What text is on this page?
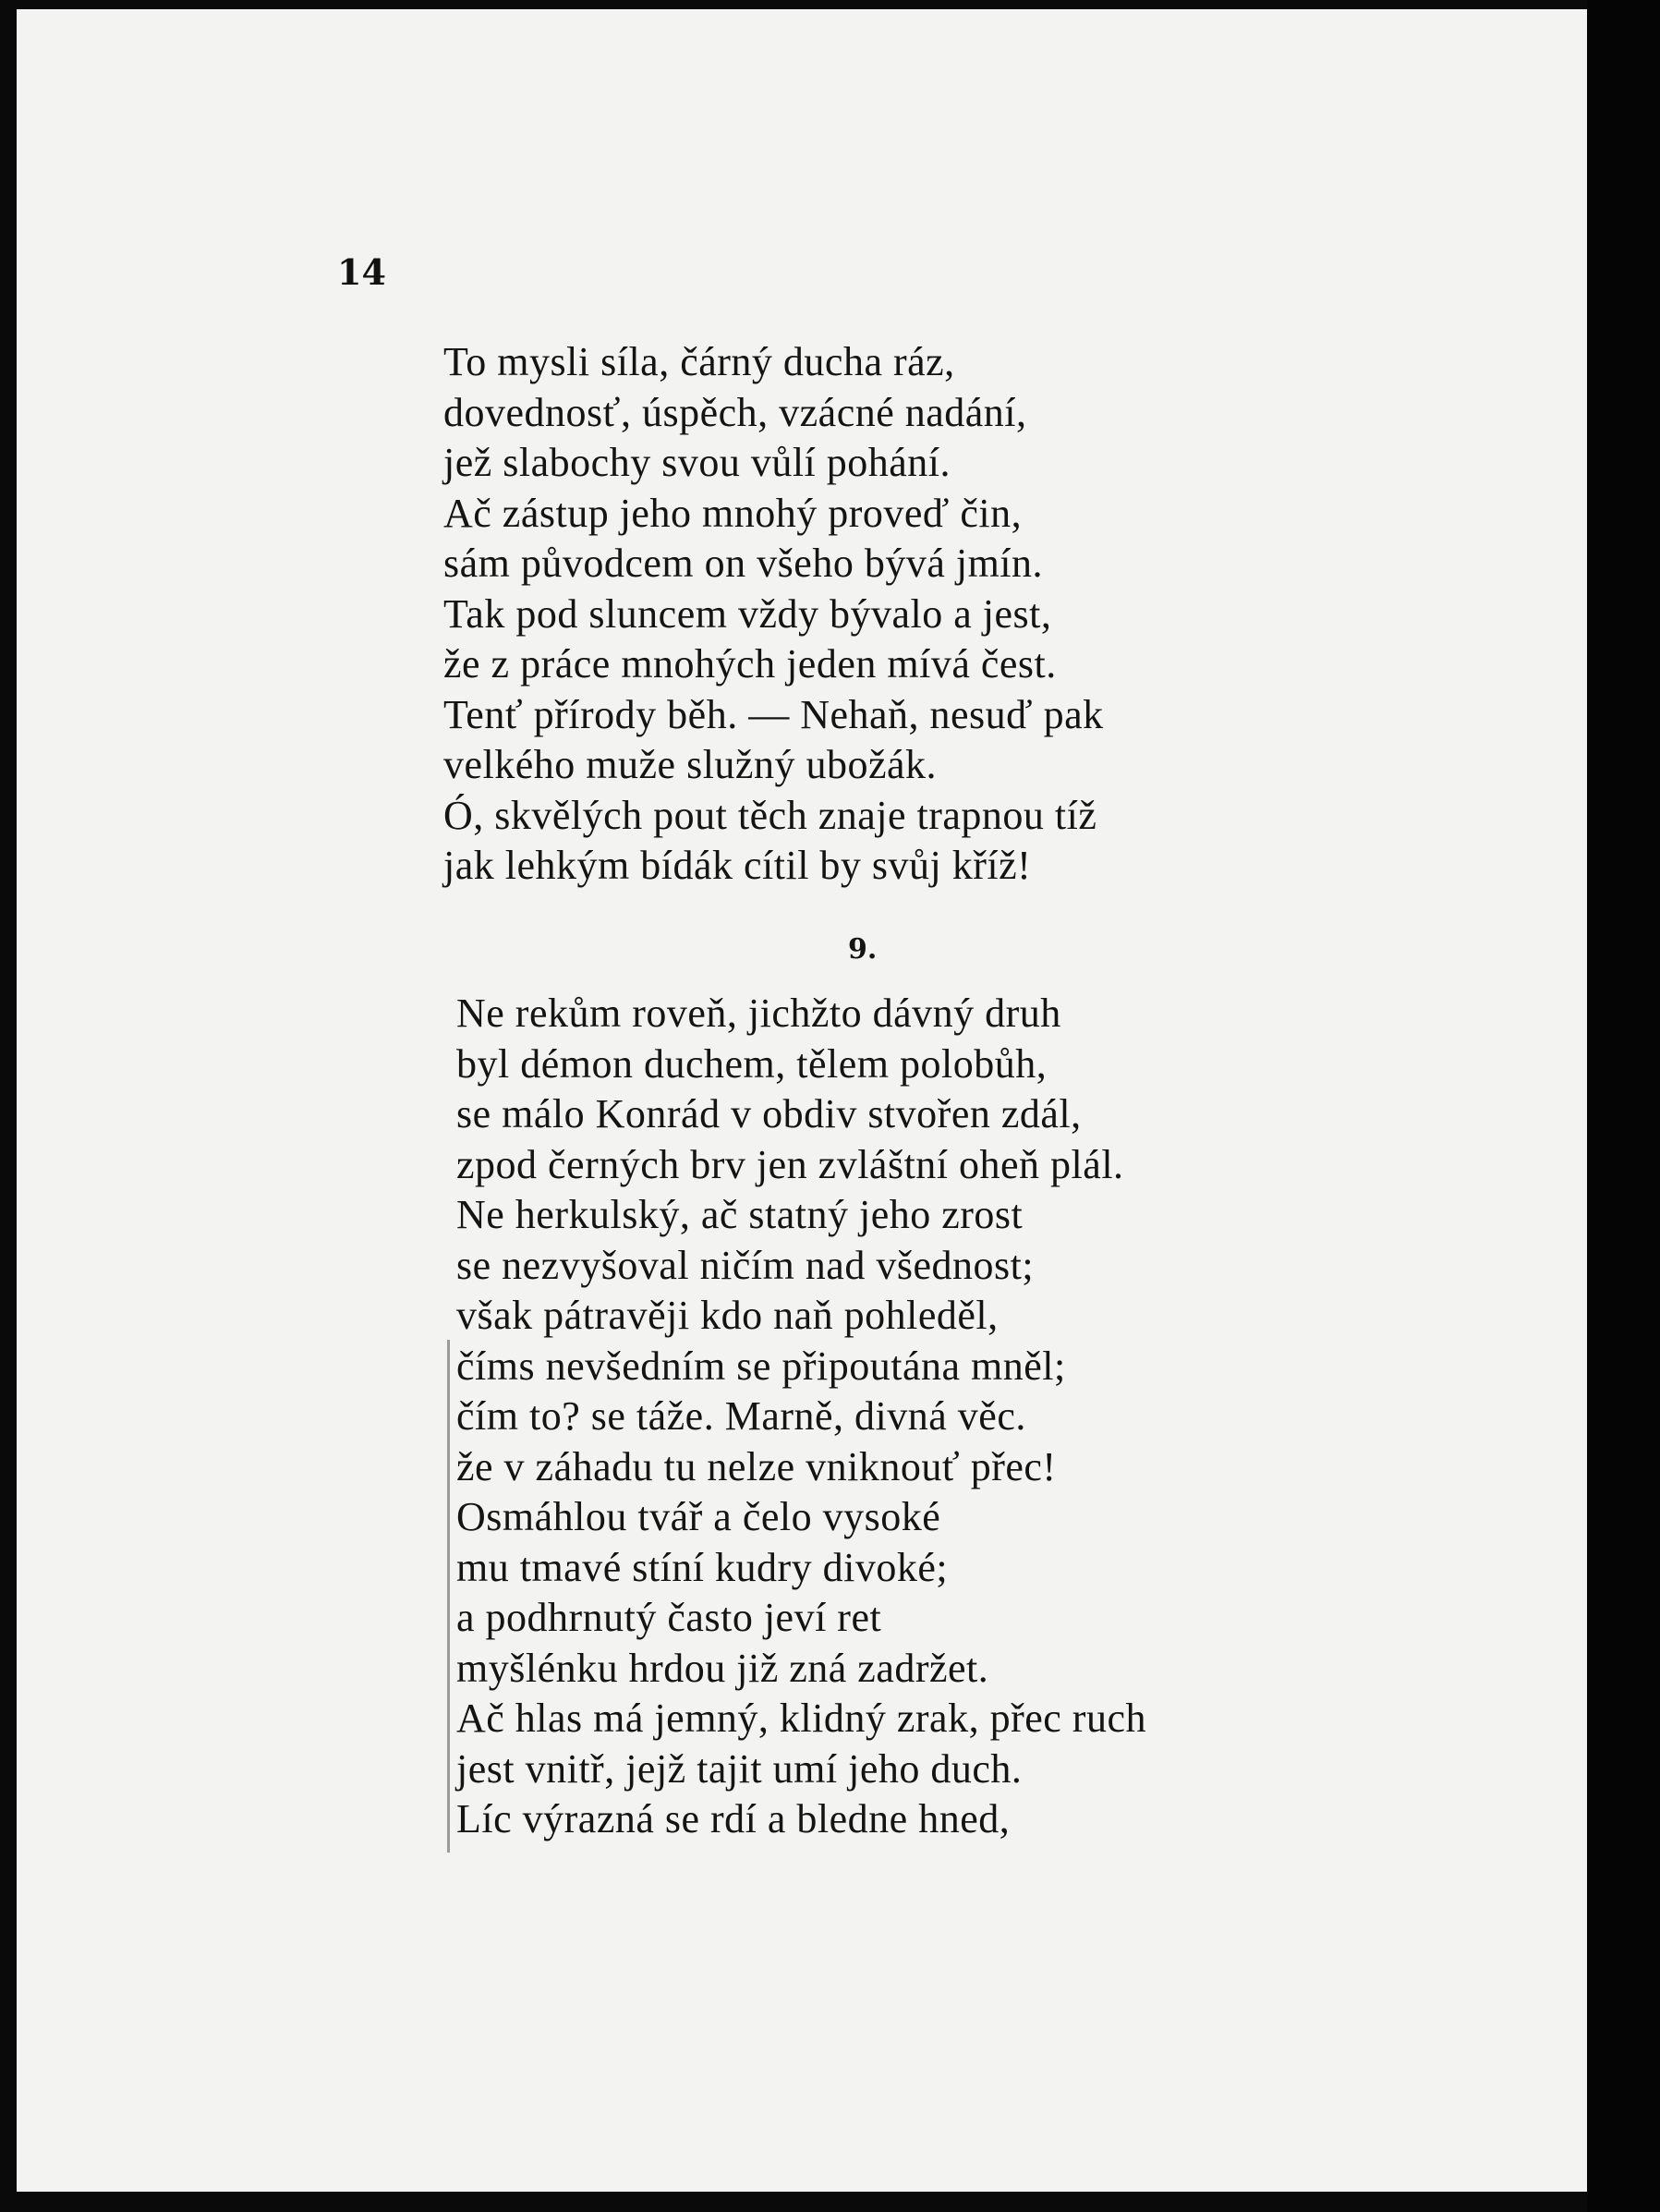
14
To mysli síla, čárný ducha ráz,
dovednosť, úspěch, vzácné nadání,
jež slabochy svou vůlí pohání.
Ač zástup jeho mnohý proveď čin,
sám původcem on všeho bývá jmín.
Tak pod sluncem vždy bývalo a jest,
že z práce mnohých jeden mívá čest.
Tenť přírody běh. — Nehaň, nesuď pak
velkého muže služný ubožák.
Ó, skvělých pout těch znaje trapnou tíž
jak lehkým bídák cítil by svůj kříž!
9.
Ne rekům roveň, jichžto dávný druh
byl démon duchem, tělem polobůh,
se málo Konrád v obdiv stvořen zdál,
zpod černých brv jen zvláštní oheň plál.
Ne herkulský, ač statný jeho zrost
se nezvyšoval ničím nad všednost;
však pátravěji kdo naň pohleděl,
číms nevšedním se připoutána mněl;
čím to? se táže. Marně, divná věc.
že v záhadu tu nelze vniknouť přec!
Osmáhlou tvář a čelo vysoké
mu tmavé stíní kudry divoké;
a podhrnutý často jeví ret
myšlénku hrdou již zná zadržet.
Ač hlas má jemný, klidný zrak, přec ruch
jest vnitř, jejž tajit umí jeho duch.
Líc výrazná se rdí a bledne hned,
